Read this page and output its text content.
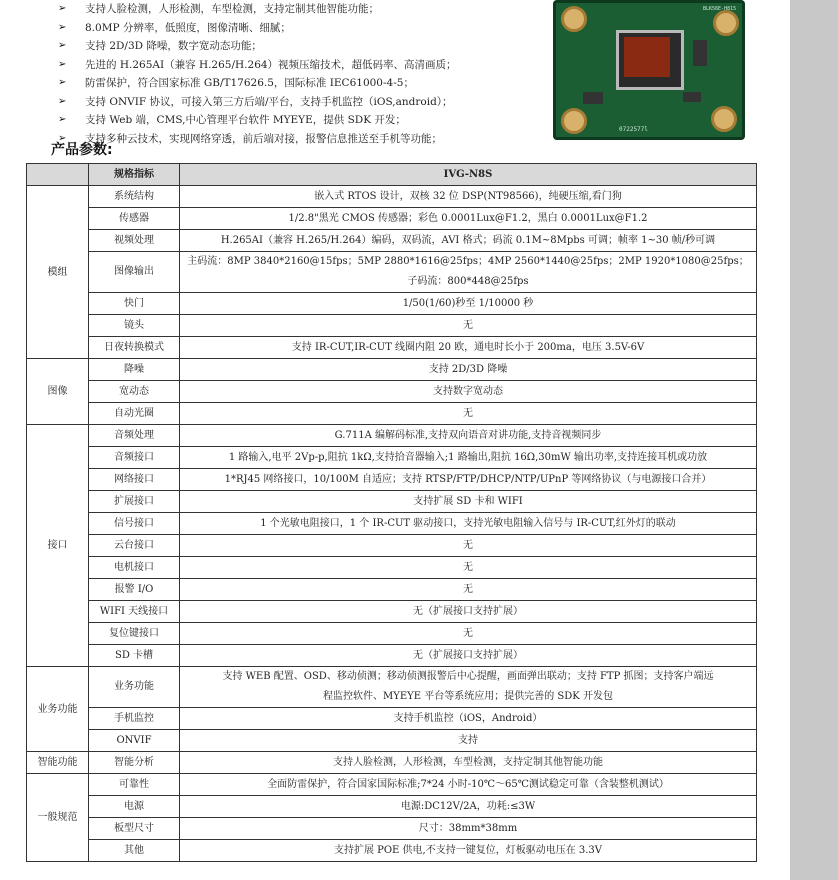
➢	支持人脸检测，人形检测，车型检测，支持定制其他智能功能；
➢	8.0MP 分辨率，低照度，图像清晰、细腻；
➢	支持 2D/3D 降噪，数字宽动态功能；
➢	先进的 H.265AI（兼容 H.265/H.264）视频压缩技术，超低码率、高清画质；
➢	防雷保护，符合国家标准 GB/T17626.5，国际标准 IEC61000-4-5；
➢	支持 ONVIF 协议，可接入第三方后端/平台，支持手机监控（iOS,android）；
➢	支持 Web 端，CMS,中心管理平台软件 MYEYE，提供 SDK 开发；
➢	支持多种云技术，实现网络穿透，前后端对接，报警信息推送至手机等功能；
0722577l
BLK56E-H815
产品参数:
	规格指标	IVG-N8S
模组	系统结构	嵌入式 RTOS 设计，双核 32 位 DSP(NT98566)，纯硬压缩,看门狗
	传感器	1/2.8"黑光 CMOS 传感器；彩色 0.0001Lux@F1.2，黑白 0.0001Lux@F1.2
	视频处理	H.265AI（兼容 H.265/H.264）编码，双码流，AVI 格式；码流 0.1M~8Mpbs 可调；帧率 1~30 帧/秒可调
	图像输出	主码流：8MP 3840*2160@15fps；5MP 2880*1616@25fps；4MP 2560*1440@25fps；2MP 1920*1080@25fps；
子码流：800*448@25fps
	快门	1/50(1/60)秒至 1/10000 秒
	镜头	无
	日夜转换模式	支持 IR-CUT,IR-CUT 线圈内阻 20 欧，通电时长小于 200ma，电压 3.5V-6V
图像	降噪	支持 2D/3D 降噪
	宽动态	支持数字宽动态
	自动光圈	无
接口	音频处理	G.711A 编解码标准,支持双向语音对讲功能,支持音视频同步
	音频接口	1 路输入,电平 2Vp-p,阻抗 1kΩ,支持拾音器输入;1 路输出,阻抗 16Ω,30mW 输出功率,支持连接耳机或功放
	网络接口	1*RJ45 网络接口，10/100M 自适应；支持 RTSP/FTP/DHCP/NTP/UPnP 等网络协议（与电源接口合并）
	扩展接口	支持扩展 SD 卡和 WIFI
	信号接口	1 个光敏电阻接口，1 个 IR-CUT 驱动接口，支持光敏电阻输入信号与 IR-CUT,红外灯的联动
	云台接口	无
	电机接口	无
	报警 I/O	无
	WIFI 天线接口	无（扩展接口支持扩展）
	复位键接口	无
	SD 卡槽	无（扩展接口支持扩展）
业务功能	业务功能	支持 WEB 配置、OSD、移动侦测；移动侦测报警后中心提醒，画面弹出联动；支持 FTP 抓图；支持客户端远
程监控软件、MYEYE 平台等系统应用；提供完善的 SDK 开发包
	手机监控	支持手机监控（iOS，Android）
	ONVIF	支持
智能功能	智能分析	支持人脸检测，人形检测，车型检测，支持定制其他智能功能
一般规范	可靠性	全面防雷保护，符合国家国际标准;7*24 小时-10℃～65℃测试稳定可靠（含装整机测试）
	电源	电源:DC12V/2A，功耗:≤3W
	板型尺寸	尺寸：38mm*38mm
	其他	支持扩展 POE 供电,不支持一键复位，灯板驱动电压在 3.3V
